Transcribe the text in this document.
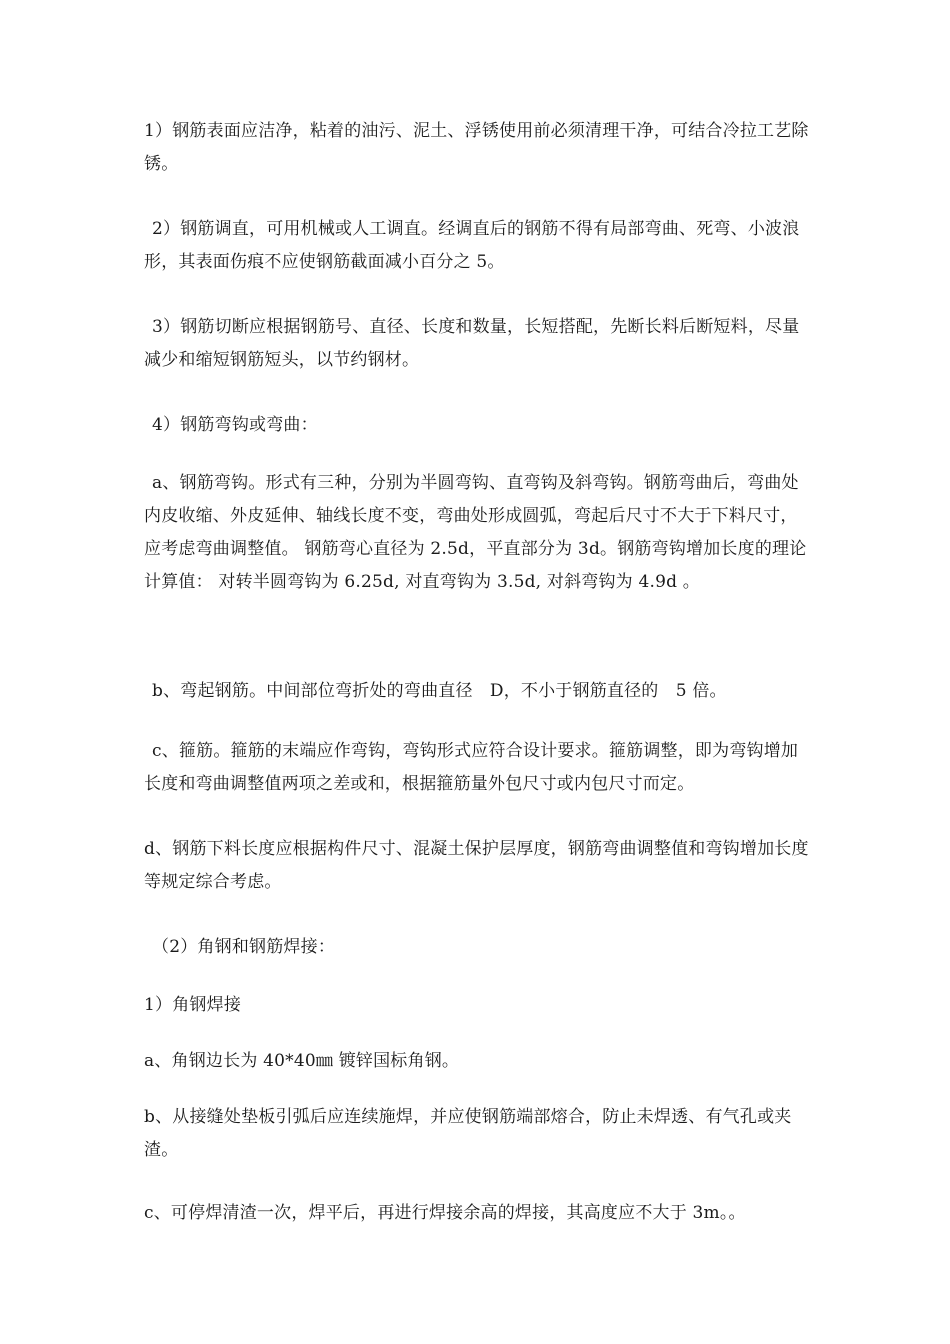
1）钢筋表面应洁净，粘着的油污、泥土、浮锈使用前必须清理干净，可结合冷拉工艺除锈。

2）钢筋调直，可用机械或人工调直。经调直后的钢筋不得有局部弯曲、死弯、小波浪形，其表面伤痕不应使钢筋截面减小百分之 5。

3）钢筋切断应根据钢筋号、直径、长度和数量，长短搭配，先断长料后断短料，尽量减少和缩短钢筋短头，以节约钢材。

4）钢筋弯钩或弯曲：

a、钢筋弯钩。形式有三种，分别为半圆弯钩、直弯钩及斜弯钩。钢筋弯曲后，弯曲处内皮收缩、外皮延伸、轴线长度不变，弯曲处形成圆弧，弯起后尺寸不大于下料尺寸，应考虑弯曲调整值。 钢筋弯心直径为 2.5d，平直部分为 3d。钢筋弯钩增加长度的理论计算值： 对转半圆弯钩为 6.25d, 对直弯钩为 3.5d, 对斜弯钩为 4.9d 。

b、弯起钢筋。中间部位弯折处的弯曲直径　D，不小于钢筋直径的　5 倍。

c、箍筋。箍筋的末端应作弯钩，弯钩形式应符合设计要求。箍筋调整，即为弯钩增加长度和弯曲调整值两项之差或和，根据箍筋量外包尺寸或内包尺寸而定。

d、钢筋下料长度应根据构件尺寸、混凝土保护层厚度，钢筋弯曲调整值和弯钩增加长度等规定综合考虑。

（2）角钢和钢筋焊接：

1）角钢焊接

a、角钢边长为 40*40㎜ 镀锌国标角钢。

b、从接缝处垫板引弧后应连续施焊，并应使钢筋端部熔合，防止未焊透、有气孔或夹渣。

c、可停焊清渣一次，焊平后，再进行焊接余高的焊接，其高度应不大于 3m。。
